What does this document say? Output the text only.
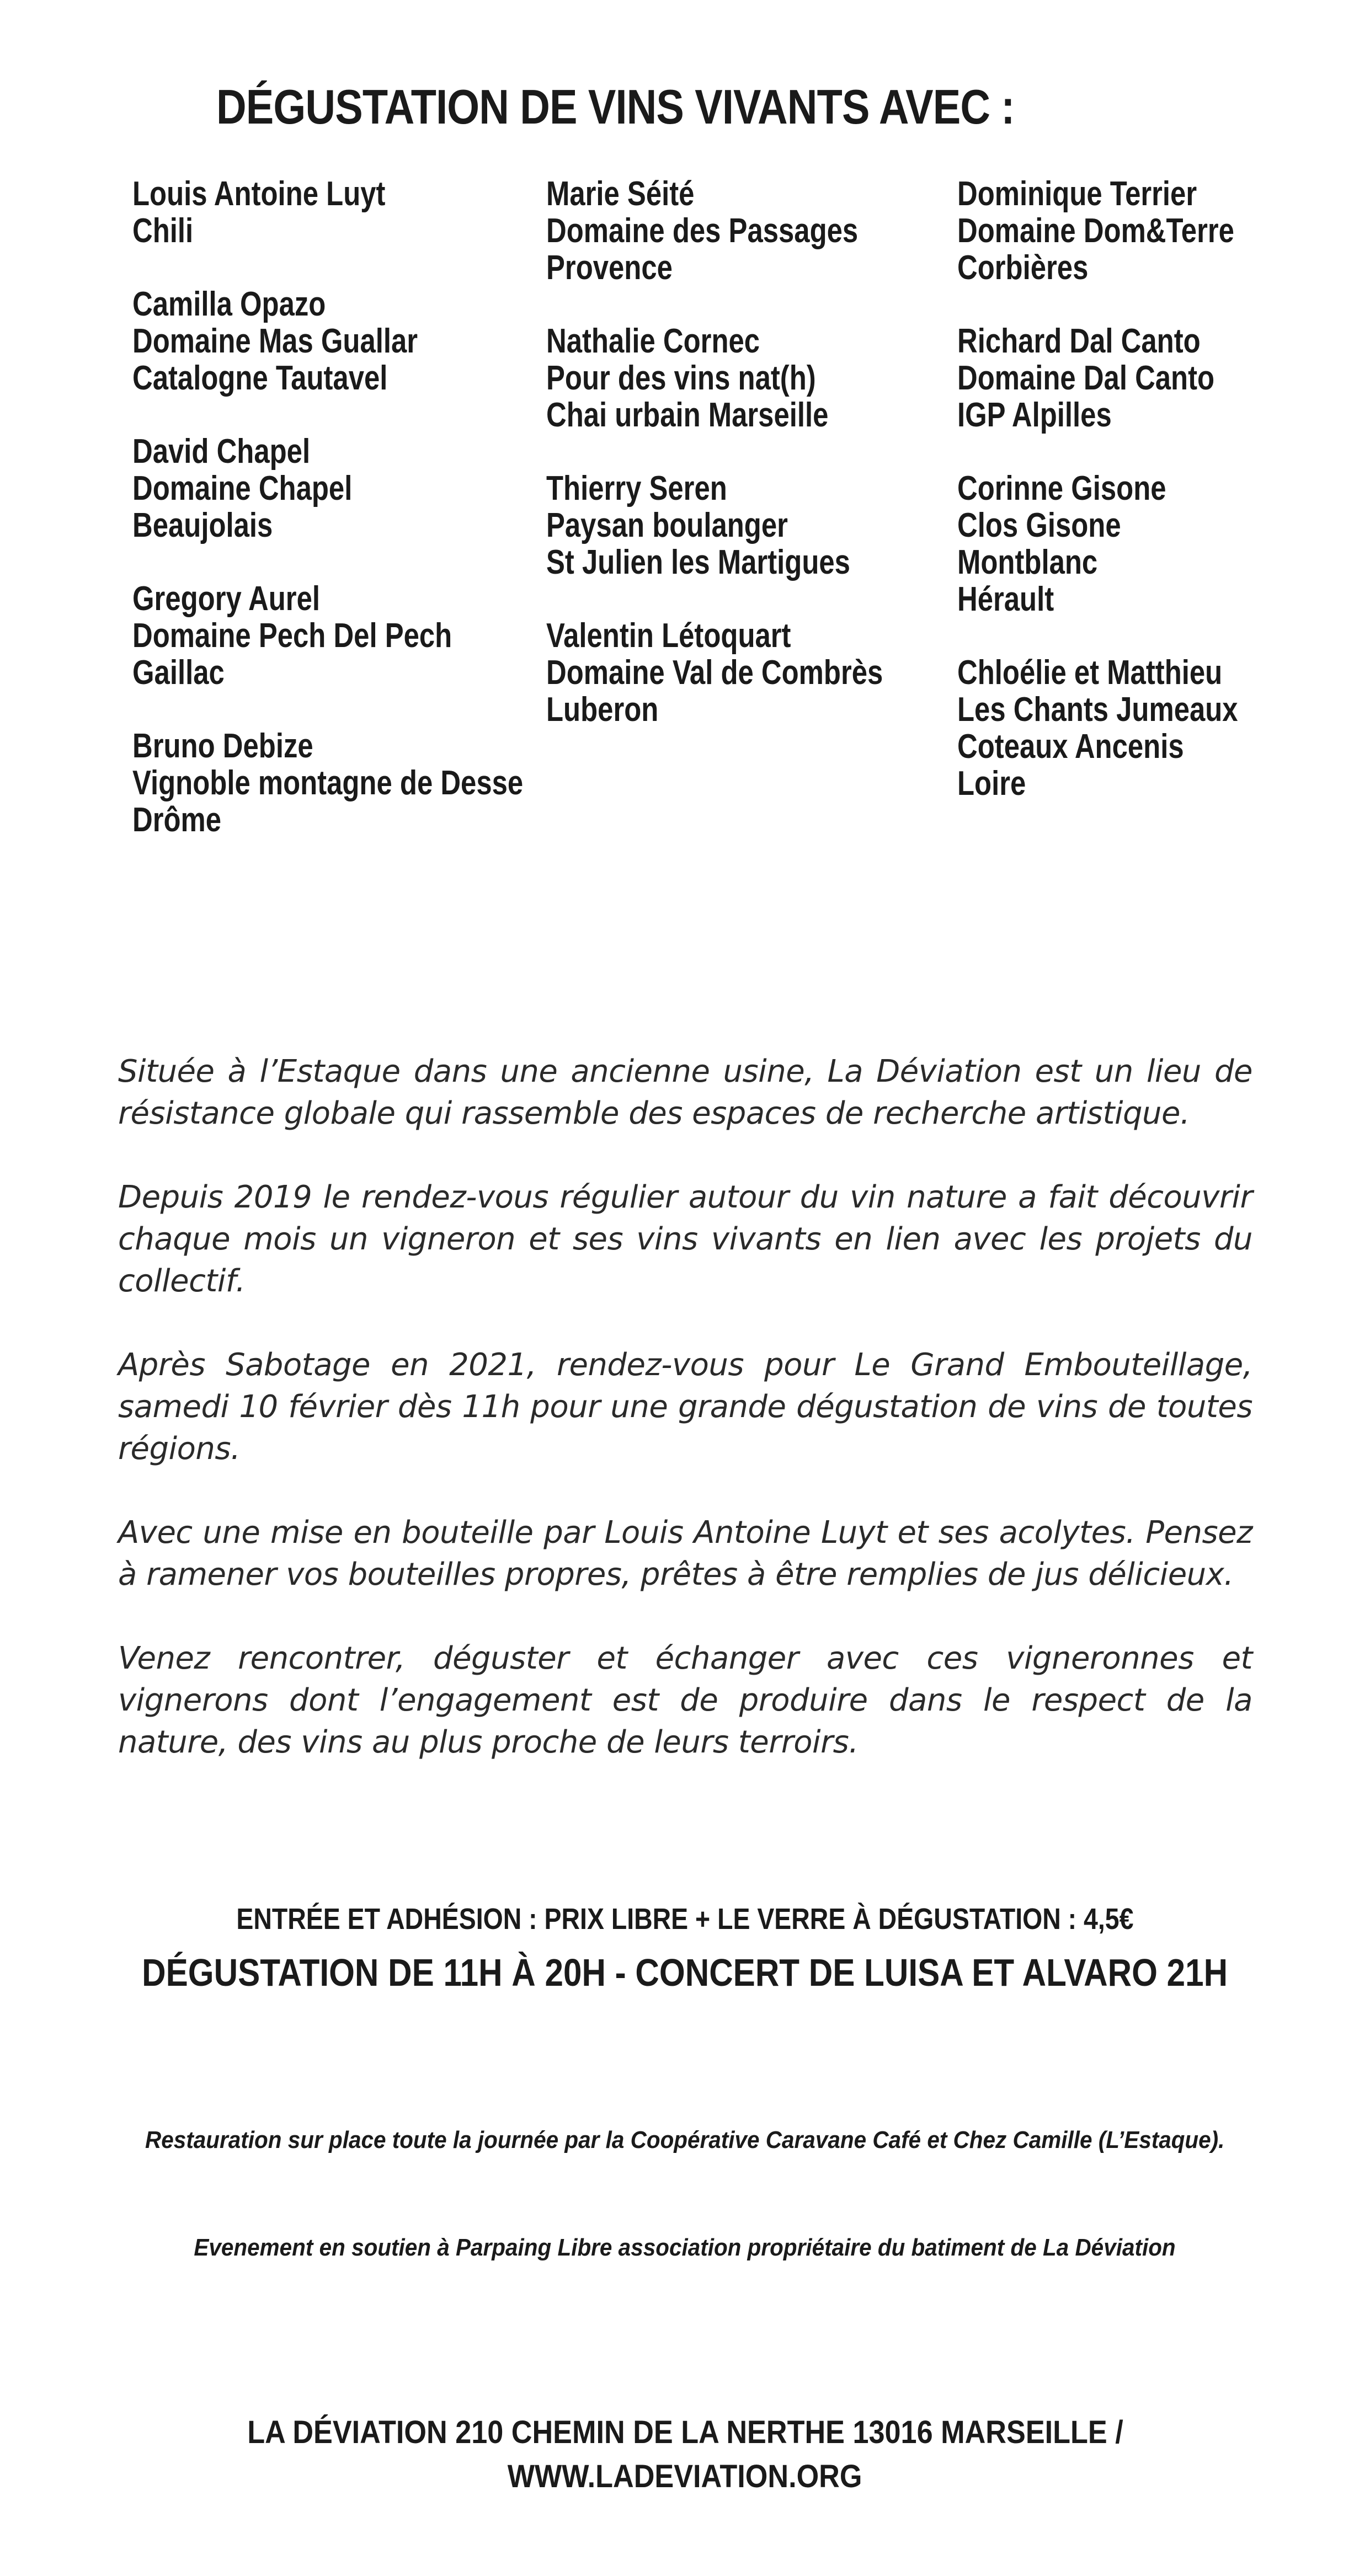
DÉGUSTATION DE VINS VIVANTS AVEC :
Louis Antoine Luyt
Chili
Camilla Opazo
Domaine Mas Guallar
Catalogne Tautavel
David Chapel
Domaine Chapel
Beaujolais
Gregory Aurel
Domaine Pech Del Pech
Gaillac
Bruno Debize
Vignoble montagne de Desse
Drôme
Marie Séité
Domaine des Passages
Provence
Nathalie Cornec
Pour des vins nat(h)
Chai urbain Marseille
Thierry Seren
Paysan boulanger
St Julien les Martigues
Valentin Létoquart
Domaine Val de Combrès
Luberon
Dominique Terrier
Domaine Dom&Terre
Corbières
Richard Dal Canto
Domaine Dal Canto
IGP Alpilles
Corinne Gisone
Clos Gisone
Montblanc
Hérault
Chloélie et Matthieu
Les Chants Jumeaux
Coteaux Ancenis
Loire

Située à l’Estaque dans une ancienne usine, La Déviation est un lieu de résistance globale qui rassemble des espaces de recherche artistique.

Depuis 2019 le rendez-vous régulier autour du vin nature a fait découvrir chaque mois un vigneron et ses vins vivants en lien avec les projets du collectif.

Après Sabotage en 2021, rendez-vous pour Le Grand Embouteillage, samedi 10 février dès 11h pour une grande dégustation de vins de toutes régions.

Avec une mise en bouteille par Louis Antoine Luyt et ses acolytes. Pensez à ramener vos bouteilles propres, prêtes à être remplies de jus délicieux.

Venez rencontrer, déguster et échanger avec ces vigneronnes et vignerons dont l’engagement est de produire dans le respect de la nature, des vins au plus proche de leurs terroirs.

ENTRÉE ET ADHÉSION : PRIX LIBRE + LE VERRE À DÉGUSTATION : 4,5€

DÉGUSTATION DE 11H À 20H - CONCERT DE LUISA ET ALVARO 21H

Restauration sur place toute la journée par la Coopérative Caravane Café et Chez Camille (L’Estaque).

Evenement en soutien à Parpaing Libre association propriétaire du batiment de La Déviation

LA DÉVIATION 210 CHEMIN DE LA NERTHE 13016 MARSEILLE /
WWW.LADEVIATION.ORG
